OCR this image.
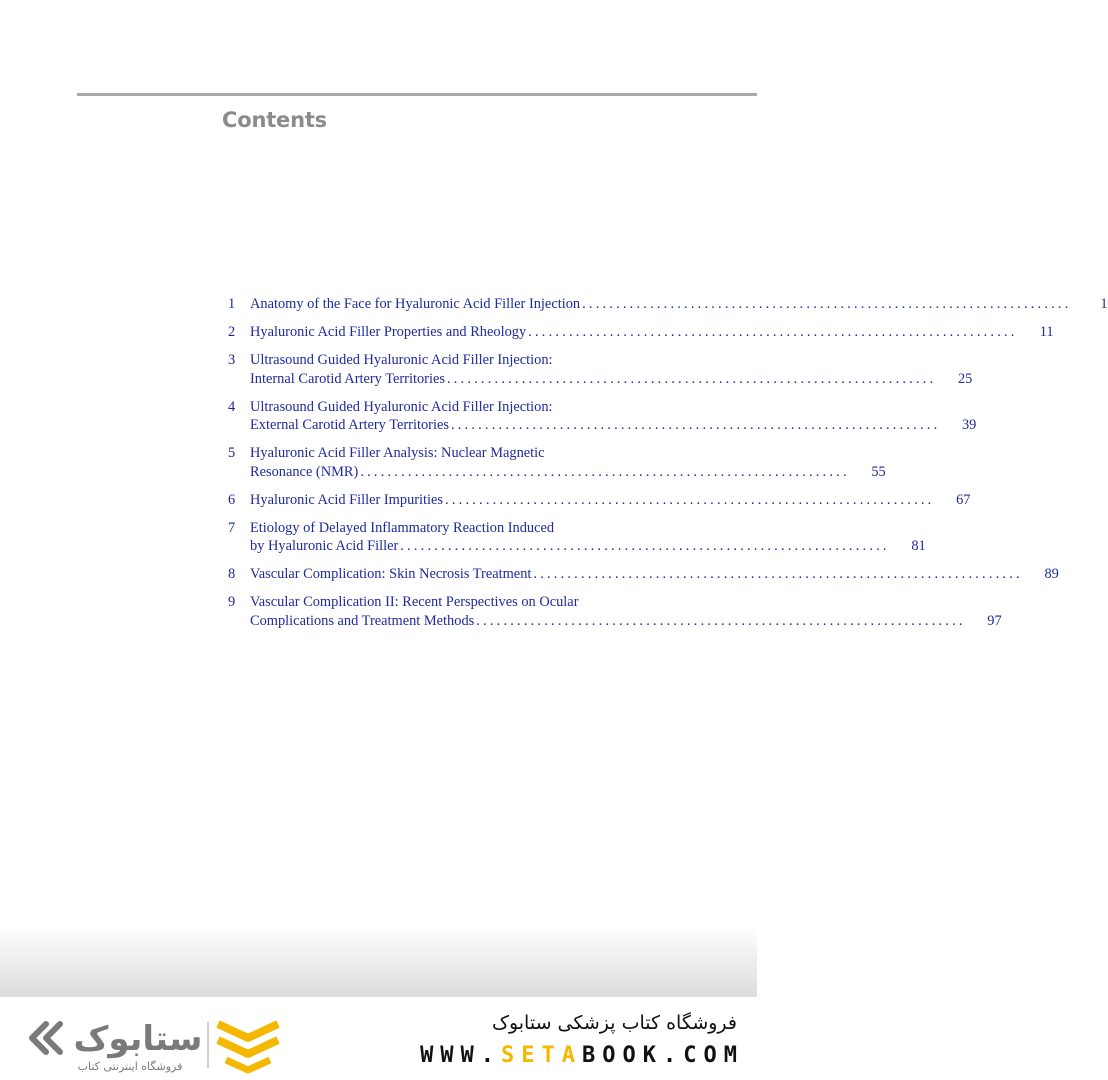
Contents
1	Anatomy of the Face for Hyaluronic Acid Filler Injection ........................................................................	1
2	Hyaluronic Acid Filler Properties and Rheology ........................................................................	11
3	Ultrasound Guided Hyaluronic Acid Filler Injection:
Internal Carotid Artery Territories ........................................................................	25
4	Ultrasound Guided Hyaluronic Acid Filler Injection:
External Carotid Artery Territories ........................................................................	39
5	Hyaluronic Acid Filler Analysis: Nuclear Magnetic
Resonance (NMR) ........................................................................	55
6	Hyaluronic Acid Filler Impurities ........................................................................	67
7	Etiology of Delayed Inflammatory Reaction Induced
by Hyaluronic Acid Filler ........................................................................	81
8	Vascular Complication: Skin Necrosis Treatment ........................................................................	89
9	Vascular Complication II: Recent Perspectives on Ocular
Complications and Treatment Methods ........................................................................	97
ستابوک
فروشگاه اینترنتی کتاب
فروشگاه کتاب پزشکی ستابوک
WWW.SETABOOK.COM
